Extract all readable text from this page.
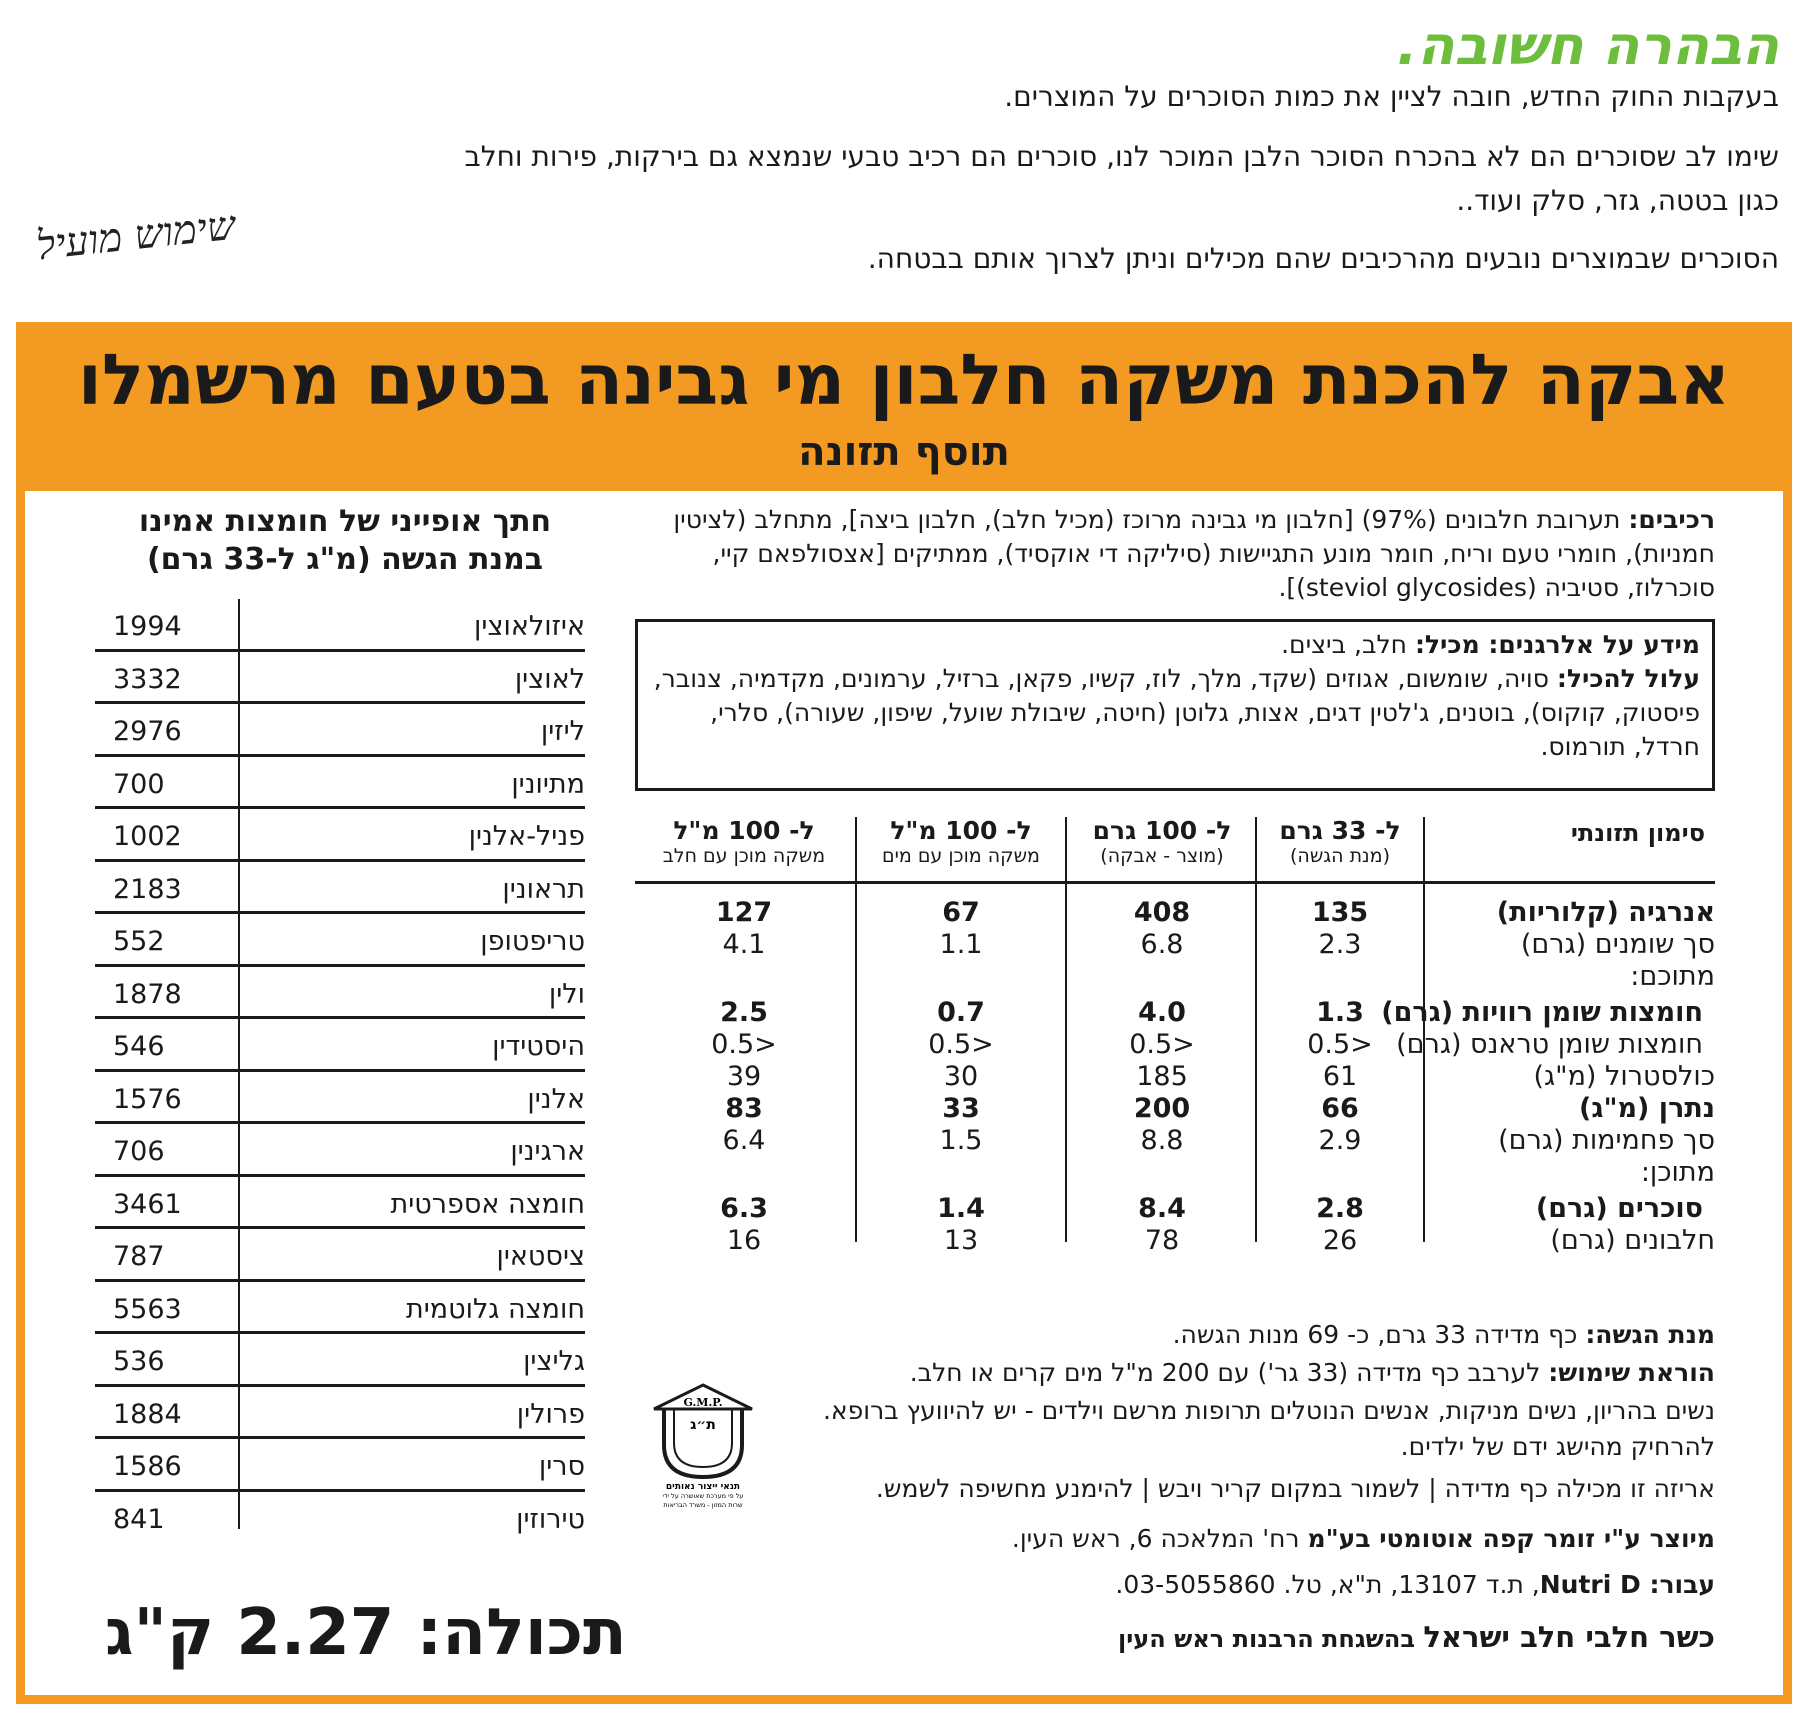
הבהרה חשובה.

בעקבות החוק החדש, חובה לציין את כמות הסוכרים על המוצרים.

שימו לב שסוכרים הם לא בהכרח הסוכר הלבן המוכר לנו, סוכרים הם רכיב טבעי שנמצא גם בירקות, פירות וחלב

כגון בטטה, גזר, סלק ועוד..

הסוכרים שבמוצרים נובעים מהרכיבים שהם מכילים וניתן לצרוך אותם בבטחה.

שימוש מועיל
אבקה להכנת משקה חלבון מי גבינה בטעם מרשמלו
תוסף תזונה

רכיבים: תערובת חלבונים (97%) [חלבון מי גבינה מרוכז (מכיל חלב), חלבון ביצה], מתחלב (לציטין חמניות), חומרי טעם וריח, חומר מונע התגיישות (סיליקה די אוקסיד), ממתיקים [אצסולפאם קיי, סוכרלוז, סטיביה (steviol glycosides)].

מידע על אלרגנים: מכיל: חלב, ביצים.
עלול להכיל: סויה, שומשום, אגוזים (שקד, מלך, לוז, קשיו, פקאן, ברזיל, ערמונים, מקדמיה, צנובר, פיסטוק, קוקוס), בוטנים, ג'לטין דגים, אצות, גלוטן (חיטה, שיבולת שועל, שיפון, שעורה), סלרי, חרדל, תורמוס.
סימון תזונתי
ל- 33 גרם
(מנת הגשה)
ל- 100 גרם
(מוצר - אבקה)
ל- 100 מ"ל
משקה מוכן עם מים
ל- 100 מ"ל
משקה מוכן עם חלב
אנרגיה (קלוריות)
135
408
67
127
סך שומנים (גרם)
2.3
6.8
1.1
4.1
מתוכם:
חומצות שומן רוויות (גרם)
1.3
4.0
0.7
2.5
חומצות שומן טראנס (גרם)
<0.5
<0.5
<0.5
<0.5
כולסטרול (מ"ג)
61
185
30
39
נתרן (מ"ג)
66
200
33
83
סך פחמימות (גרם)
2.9
8.8
1.5
6.4
מתוכן:
סוכרים (גרם)
2.8
8.4
1.4
6.3
חלבונים (גרם)
26
78
13
16

מנת הגשה: כף מדידה 33 גרם, כ- 69 מנות הגשה.

הוראת שימוש: לערבב כף מדידה (33 גר') עם 200 מ"ל מים קרים או חלב.

נשים בהריון, נשים מניקות, אנשים הנוטלים תרופות מרשם וילדים - יש להיוועץ ברופא.

להרחיק מהישג ידם של ילדים.

אריזה זו מכילה כף מדידה | לשמור במקום קריר ויבש | להימנע מחשיפה לשמש.

מיוצר ע"י זומר קפה אוטומטי בע"מ רח' המלאכה 6, ראש העין.

עבור: Nutri D, ת.ד 13107, ת"א, טל. 03-5055860.

כשר חלבי חלב ישראל בהשגחת הרבנות ראש העין

G.M.P.
ת״ג
תנאי ייצור נאותים
על פי מערכת שאושרה על ידי
שרות המזון - משרד הבריאות
חתך אופייני של חומצות אמינו
במנת הגשה (מ"ג ל-33 גרם)
איזולאוצין
1994
לאוצין
3332
ליזין
2976
מתיונין
700
פניל-אלנין
1002
תראונין
2183
טריפטופן
552
ולין
1878
היסטידין
546
אלנין
1576
ארגינין
706
חומצה אספרטית
3461
ציסטאין
787
חומצה גלוטמית
5563
גליצין
536
פרולין
1884
סרין
1586
טירוזין
841
תכולה: 2.27 ק"ג
